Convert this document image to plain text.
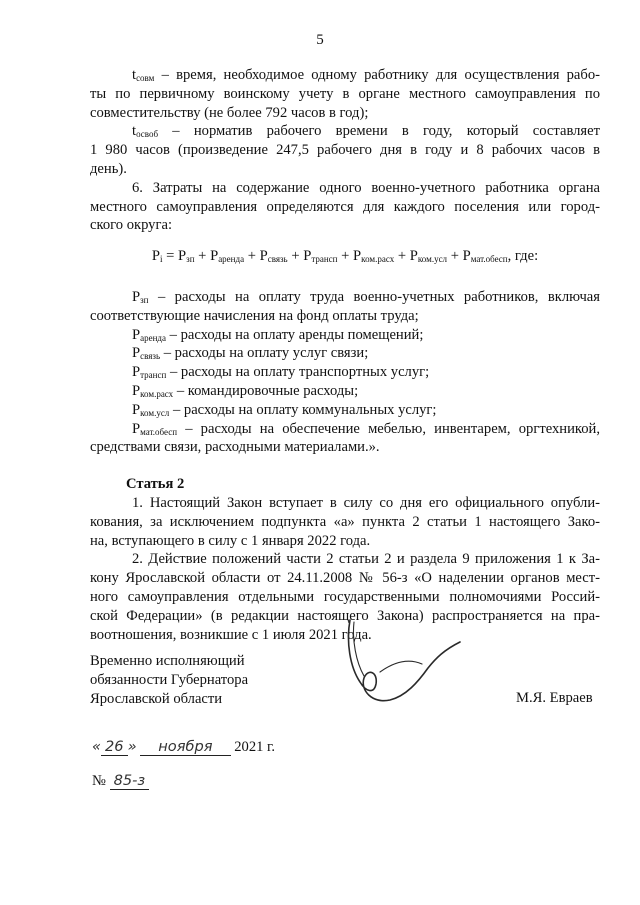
5
$t_{совм}$ – время, необходимое одному работнику для осуществления рабо-
ты по первичному воинскому учету в органе местного самоуправления по
совместительству (не более 792 часов в год);
$t_{освоб}$ – норматив рабочего времени в году, который составляет
1 980 часов (произведение 247,5 рабочего дня в году и 8 рабочих часов в
день).
6. Затраты на содержание одного военно-учетного работника органа
местного самоуправления определяются для каждого поселения или город-
ского округа:
$P_i = P_{зп} + P_{аренда} + P_{связь} + P_{трансп} + P_{ком.расх} + P_{ком.усл} + P_{мат.обесп}$, где:
$P_{зп}$ – расходы на оплату труда военно-учетных работников, включая
соответствующие начисления на фонд оплаты труда;
$P_{аренда}$ – расходы на оплату аренды помещений;
$P_{связь}$ – расходы на оплату услуг связи;
$P_{трансп}$ – расходы на оплату транспортных услуг;
$P_{ком.расх}$ – командировочные расходы;
$P_{ком.усл}$ – расходы на оплату коммунальных услуг;
$P_{мат.обесп}$ – расходы на обеспечение мебелью, инвентарем, оргтехникой,
средствами связи, расходными материалами.».
Статья 2
1. Настоящий Закон вступает в силу со дня его официального опубли-
кования, за исключением подпункта «а» пункта 2 статьи 1 настоящего Зако-
на, вступающего в силу с 1 января 2022 года.
2. Действие положений части 2 статьи 2 и раздела 9 приложения 1 к За-
кону Ярославской области от 24.11.2008 № 56-з «О наделении органов мест-
ного самоуправления отдельными государственными полномочиями Россий-
ской Федерации» (в редакции настоящего Закона) распространяется на пра-
воотношения, возникшие с 1 июля 2021 года.
Временно исполняющий
обязанности Губернатора
Ярославской области	М.Я. Евраев
« 26 » ноября 2021 г.
№ 85-з
